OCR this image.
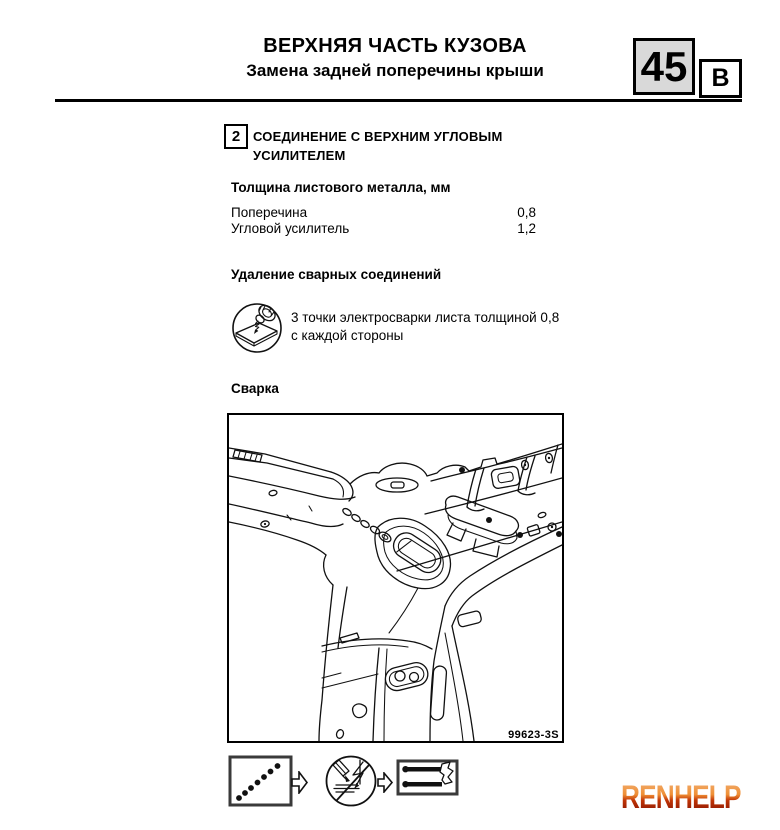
ВЕРХНЯЯ ЧАСТЬ КУЗОВА
Замена задней поперечины крыши	45 B
2 СОЕДИНЕНИЕ С ВЕРХНИМ УГЛОВЫМ
УСИЛИТЕЛЕМ
Толщина листового металла, мм
Поперечина	0,8
Угловой усилитель	1,2
Удаление сварных соединений
3 точки электросварки листа толщиной 0,8
с каждой стороны
Сварка
99623-3S
RENHELP
